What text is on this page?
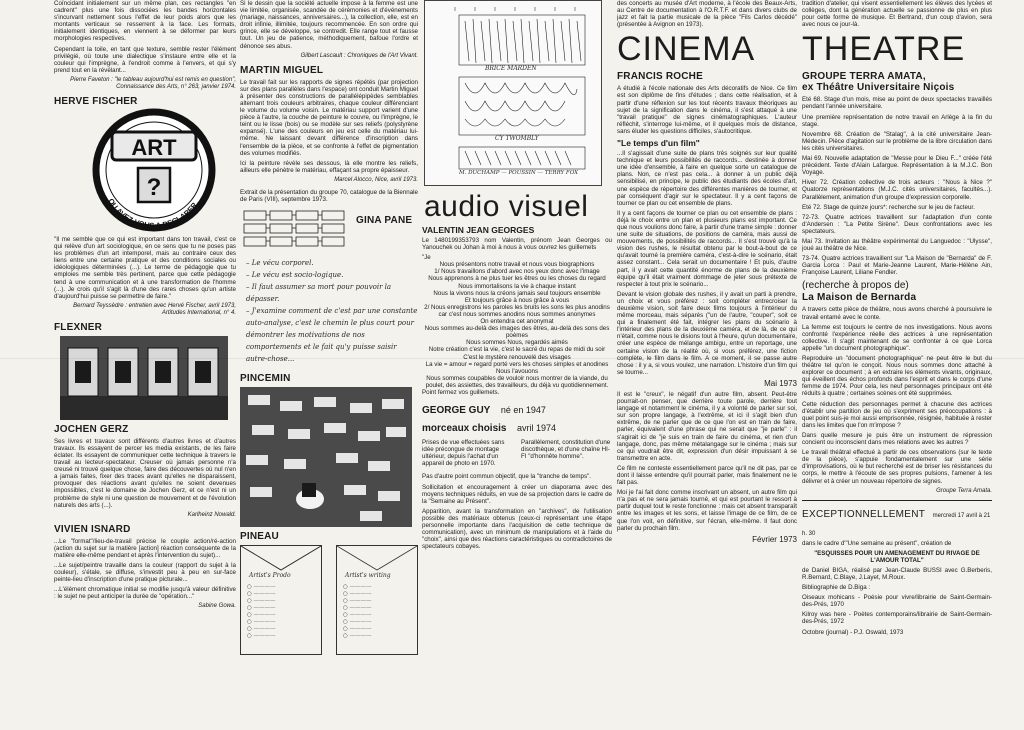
Coïncidant initialement sur un même plan, ces rectangles "en cadrent" plus une fois dissociées les bandes horizontales s'incurvant nettement sous l'effet de leur poids alors que les montants verticaux se resserrent à la face. Les formats, initialement identiques, en viennent à se déformer par leurs morphologies respectives.

Cependant la toile, en tant que texture, semble rester l'élément privilégié, où toute une dialectique s'instaure entre elle et la couleur qui l'imprègne, à l'endroit comme à l'envers, et qui s'y prend tout en la révélant...

Pierre Faveton : "le tableau aujourd'hui est remis en question", Connaissance des Arts, n° 263, janvier 1974.

HERVE FISCHER
ART
?
OU AVEZ-VOUS A DECLARER

"Il me semble que ce qui est important dans ton travail, c'est ce qui relève d'un art sociologique, en ce sens que tu ne poses pas les problèmes d'un art intemporel, mais au contraire ceux des liens entre une certaine pratique et des conditions sociales ou idéologiques déterminées (...). Le terme de pédagogie que tu emploies me semble très pertinent, parce que cette pédagogie tend à une communication et à une transformation de l'homme (...). Je crois qu'il s'agit là d'une des rares choses qu'un artiste d'aujourd'hui puisse se permettre de faire."

Bernard Teyssèdre : entretien avec Hervé Fischer, avril 1973, Artitudes International, n° 4.

FLEXNER
JOCHEN GERZ

Ses livres et travaux sont différents d'autres livres et d'autres travaux. Ils essayent de percer les media existants, de les faire éclater. Ils essayent de communiquer cette technique à travers le travail au lecteur-spectateur. Creuser où jamais personne n'a creusé ni trouvé quelque chose, faire des découvertes où nul n'en a jamais faites, fixer des traces avant qu'elles ne disparaissent, provoquer des réactions avant qu'elles ne soient devenues impossibles, c'est le domaine de Jochen Gerz, et ce n'est ni un problème de style ni une question de mouvement et de l'évolution naturels des arts (...).

Karlheinz Nowald.

VIVIEN ISNARD

...Le "format"/lieu-de-travail précise le couple action/ré-action (action du sujet sur la matière [action] réaction conséquente de la matière elle-même pendant et après l'intervention du sujet)...

...Le sujet/peintre travaille dans la couleur (rapport du sujet à la couleur), s'étale, se diffuse, s'investit peu à peu en sur-face peinte-lieu d'inscription d'une pratique picturale...

...L'élément chromatique initial se modifie jusqu'à valeur définitive : le sujet ne peut anticiper la durée de "opération..."

Sabine Gowa.

Si le dessin que la société actuelle impose à la femme est une vie limitée, organisée, scandée de cérémonies et d'événements (mariage, naissances, anniversaires...), la collection, elle, est en droit infinie, illimitée, toujours recommencée. En son ordre qui grince, elle se développe, se contredit. Elle range tout et fausse tout. Un jeu de patience, méthodiquement, bafoue l'ordre et dénonce ses abus.

Gilbert Lascault : Chroniques de l'Art Vivant.

MARTIN MIGUEL

Le travail fait sur les rapports de signes répétés (par projection sur des plans parallèles dans l'espace) ont conduit Martin Miguel à présenter des constructions de parallélépipèdes semblables alternant trois couleurs arbitraires, chaque couleur différenciant le volume du volume voisin. Le matériau support varient d'une pièce à l'autre, la couche de peinture le couvre, ou l'imprègne, le teint ou le lisse (bois) ou se modèle sur ses reliefs (polystyrène expansé). L'une des couleurs en jeu est celle du matériau lui-même. Ne laissant devant différence d'inscription dans l'ensemble de la pièce, et se confronte à l'effet de pigmentation des volumes modifiés.

Ici la peinture révèle ses dessous, là elle montre les reliefs, ailleurs elle pénètre le matériau, effaçant sa propre épaisseur.

Marcel Alocco, Nice, avril 1973.

Extrait de la présentation du groupe 70, catalogue de la Biennale de Paris (VIII), septembre 1973.

GINA PANE
– Le vécu corporel.
– Le vécu est socio-logique.
– Il faut assumer sa mort pour pouvoir la dépasser.
– J'examine comment de c'est par une constante auto-analyse, c'est le chemin le plus court pour démontrer les motivations de nos comportements et le fait qu'y puisse saisir autre-chose...
PINCEMIN
PINEAU
Artist's Prodo
○ ————
○ ————
○ ————
○ ————
○ ————
○ ————
○ ————
○ ————
Artist's writing
○ ————
○ ————
○ ————
○ ————
○ ————
○ ————
○ ————
○ ————
BRICE MARDEN
CY TWOMBLY
M. DUCHAMP — POUSSIN — TERRY FOX
audio visuel
VALENTIN JEAN GEORGES

Le 1480199353793 nom Valentin, prénom Jean Georges ou Yanouchek ou Johan à moi à nous à vous ouvrez les guillemets

"Je

Nous présentons notre travail et nous vous biographions

1/ Nous travaillons d'abord avec nos yeux donc avec l'image

Nous apprenons à ne plus tuer les êtres ou les choses du regard

Nous immortalisons la vie à chaque instant

Nous la vivons nous la créons jamais seul toujours ensemble

Et toujours grâce à nous grâce à vous

2/ Nous enregistrons les paroles les bruits les sons les plus anodins car c'est nous sommes anodins nous sommes anonymes

On entendra cet anonymat

Nous sommes au-delà des images des êtres, au-delà des sons des poèmes

Nous sommes Nous, regardés aimés

Notre création c'est la vie, c'est le sacré du repas de midi du soir

C'est le mystère renouvelé des visages

La vie = amour = regard porté vers les choses simples et anodines

Nous l'avouons

Nous sommes coupables de vouloir nous montrer de la viande, du poulet, des assiettes, des travailleurs, du déjà vu quotidiennement.

Point fermez vos guillemets.

GEORGE GUY né en 1947
morceaux choisis avril 1974

Prises de vue effectuées sans idée précongue de montage ultérieur, depuis l'achat d'un appareil de photo en 1970.

Parallèlement, constitution d'une discothèque, et d'une chaîne HI-FI "d'honnête homme".

Pas d'autre point commun objectif, que la "tranche de temps".

Sollicitation et encouragement à créer un diaporama avec des moyens techniques réduits, en vue de sa projection dans le cadre de la "Semaine au Présent".

Apparition, avant la transformation en "archives", de l'utilisation possible des matériaux obtenus (ceux-ci représentant une étape personnelle importante dans l'acquisition de cette technique de communication), avec un minimum de manipulations et à l'aide du "choix", ainsi que des réactions caractéristiques ou contradictoires de spectateurs cobayes.

des concerts au musée d'Art moderne, à l'école des Beaux-Arts, au Centre de documentation à l'O.R.T.F. et dans divers clubs de jazz et fait la partie musicale de la pièce "Fils Carlos décédé" (présentée à Avignon en 1973).

CINEMA
FRANCIS ROCHE

A étudié à l'école nationale des Arts décoratifs de Nice. Ce film est son diplôme de fins d'études ; dans cette réalisation, et à partir d'une réflexion sur les tout récents travaux théoriques au sujet de la signification dans le cinéma, il s'est attaqué à une "travail pratique" de signes cinématographiques. L'auteur réfléchit, s'interroge lui-même, et il quelques mois de distance, sans éluder les questions difficiles, s'autocritique.

"Le temps d'un film"

...Il s'agissait d'une suite de plans très soignés sur leur qualité technique et leurs possibilités de raccords... destinée à donner une idée d'ensemble, à faire en quelque sorte un catalogue de plans. Non, ce n'est pas cela... à donner à un public déjà sensibilisé, en principe, le public des étudiants des écoles d'art, une espèce de répertoire des différentes manières de tourner, et par conséquent d'agir sur le spectateur. Il y a cent façons de tourner ce plan ou cet ensemble de plans.

Il y a cent façons de tourner ce plan ou cet ensemble de plans : déjà le choix entre un plan et plusieurs plans est important. Ce que nous voulions donc faire, à partir d'une trame simple : donner une suite de situations, de positions de caméra, mais aussi de mouvements, de possibilités de raccords... Il s'est trouvé qu'à la vision des rushes, le résultat obtenu par le bout-à-bout de ce qu'avait tourné la première caméra, c'est-à-dire le scénario, était assez constant... Cela serait un documentaire ! Et puis, d'autre part, il y avait cette quantité énorme de plans de la deuxième équipe qu'il était vraiment dommage de jeter sous prétexte de respecter à tout prix le scénario...

Devant le vision globale des rushes, il y avait un parti à prendre, un choix et vous préférez : soit compléter entrecroiser la deuxième vision, soit faire deux films toujours à l'intérieur du même morceau, mais séparés ("un de l'autre, "couper", soit ce qui a finalement été fait, intégrer les plans du scénario à l'intérieur des plans de la deuxième caméra, et de là, de ce qui n'était, comme nous le disions tout à l'heure, qu'un documentaire, créer une espèce de mélange ambigu, entre un reportage, une certaine vision de la réalité où, si vous préférez, une fiction complète, le film dans le film. A ce moment, il se passe autre chose : il y a, si vous voulez, une narration. L'histoire d'un film qui se tourne...

Mai 1973

Il est le "creux", le négatif d'un autre film, absent. Peut-être pourrait-on penser, que derrière toute parole, derrière tout langage et notamment le cinéma, il y a volonté de parler sur soi, sur son propre langage, à l'extrême, et ici il s'agit bien d'un extrême, de ne parler que de ce que l'on est en train de faire, parler, équivalent d'une phrase qui ne serait que "je parle" : il s'agirait ici de "je suis en train de faire du cinéma, et rien d'un langage, donc, pas même métalangage sur le cinéma ; mais sur ce qui voudrait être dit, expression d'un désir impuissant à se transmettre en acte.

Ce film ne conteste essentiellement parce qu'il ne dit pas, par ce dont il laisse entendre qu'il pourrait parler, mais finalement ne le fait pas.

Moi je l'ai fait donc comme inscrivant un absent, un autre film qui n'a pas et ne sera jamais tourné, et qui est pourtant le ressort à partir duquel tout le reste fonctionne : mais cet absent transparaît entre les images et les sons, et laisse l'image de ce film, de ce que l'on voit, en définitive, sur l'écran, elle-même. Il faut donc parler du prochain film.

Février 1973

tradition d'atelier, qui visent essentiellement les élèves des lycées et collèges, dont la génération actuelle se passionne de plus en plus pour cette forme de musique. Et Bertrand, d'un coup d'avion, sera avec nous ce jour-là.

THEATRE
GROUPE TERRA AMATA,
ex Théâtre Universitaire Niçois

Eté 68. Stage d'un mois, mise au point de deux spectacles travaillés pendant l'année universitaire.

Une première représentation de notre travail en Arlège à la fin du stage.

Novembre 68. Création de "Stalag", à la cité universitaire Jean-Médecin. Pièce d'agitation sur le problème de la libre circulation dans les cités universitaires.

Mai 69. Nouvelle adaptation de "Messe pour le Dieu F..." créée l'été précédent. Texte d'Alain Lafargue. Représentation à la M.J.C. Bon Voyage.

Hiver 72. Création collective de trois acteurs : "Nous à Nice ?" Quatorze représentations (M.J.C. cités universitaires, facultés...). Parallèlement, animation d'un groupe d'expression corporelle.

Eté 72. Stage de quinze jours*: recherche sur le jeu de l'acteur.

72-73. Quatre actrices travaillent sur l'adaptation d'un conte d'Andersen : "La Petite Sirène". Deux confrontations avec les spectateurs.

Mai 73. Invitation au théâtre expérimental du Languedoc : "Ulysse", joué au théâtre de Nice.

73-74. Quatre actrices travaillent sur "La Maison de "Bernarda" de F. Garcia Lorca : Paul et Marie-Jeanne Laurent, Marie-Hélène Ain, Françoise Laurent, Liliane Fendler.

(recherche à propos de)
La Maison de Bernarda

A travers cette pièce de théâtre, nous avons cherché à poursuivre le travail entamé avec le conte.

La femme est toujours le centre de nos investigations. Nous avons confronté l'expérience réelle des actrices à une représentation collective. Il s'agit maintenant de se confronter à ce que Lorca appelle "un document photographique".

Reproduire un "document photographique" ne peut être le but du théâtre tel qu'on le conçoit. Nous nous sommes donc attaché à explorer ce document ; à en extraire les éléments vivants, originaux, qui éveillent des échos profonds dans l'esprit et dans le corps d'une femme de 1974. Pour cela, les neuf personnages principaux ont été réduits à quatre ; certaines scènes ont été supprimées.

Cette réduction des personnages permet à chacune des actrices d'établir une partition de jeu où s'expriment ses préoccupations : à quel point suis-je moi aussi emprisonnée, résignée, habituée à rester dans les limites que l'on m'impose ?

Dans quelle mesure je puis être un instrument de répression concient ou inconscient dans mes relations avec les autres ?

Le travail théâtral effectué à partir de ces observations (sur le texte de la pièce), s'appuie fondamentalement sur une série d'improvisations, où le but recherché est de briser les résistances du corps, le mettre à l'écoute de ses propres pulsions, l'amener à les délivrer et à créer un nouveau répertoire de signes.

Groupe Terra Amata.

EXCEPTIONNELLEMENT mercredi 17 avril à 21 h. 30

dans le cadre d'"Une semaine au présent", création de

"ESQUISSES POUR UN AMENAGEMENT DU RIVAGE DE L'AMOUR TOTAL"

de Daniel BIGA, réalisé par Jean-Claude BUSSI avec G.Berberis, R.Bernard, C.Blaye, J.Layet, M.Roux.

Bibliographie de D.Biga :

Oiseaux mohicans - Poésie pour vivre/librairie de Saint-Germain-des-Prés, 1970

Kilroy was here - Poètes contemporains/librairie de Saint-Germain-des-Prés, 1972

Octobre (journal) - P.J. Oswald, 1973
